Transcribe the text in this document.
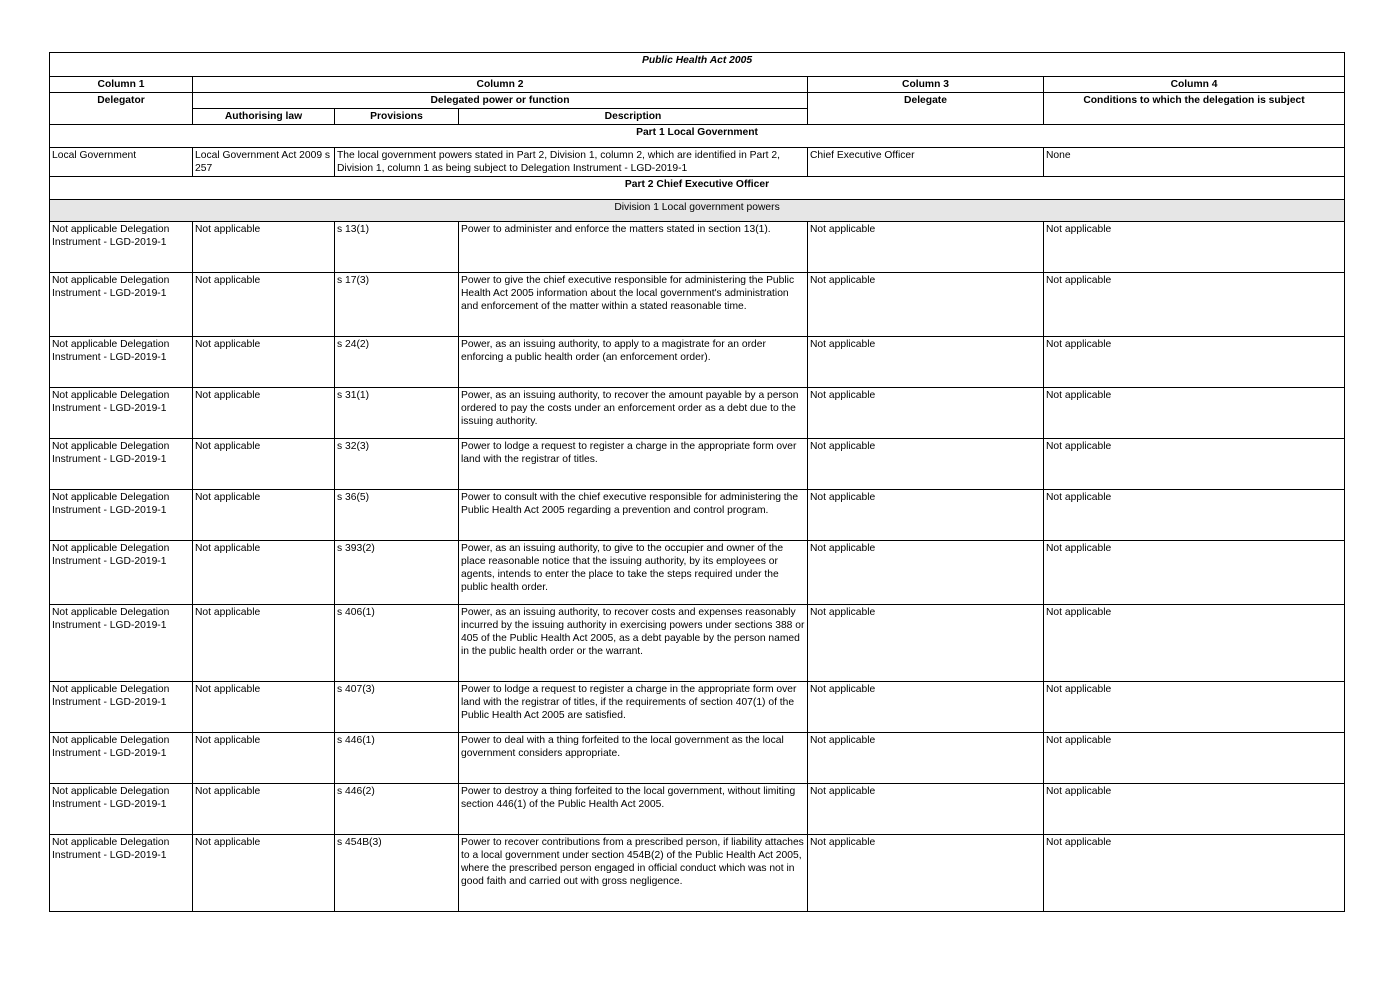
Public Health Act 2005					
Column 1	Column 2			Column 3	Column 4
Delegator	Delegated power or function			Delegate	Conditions to which the delegation is subject
	Authorising law	Provisions	Description		
Part 1 Local Government					
Local Government	Local Government Act 2009 s 257	The local government powers stated in Part 2, Division 1, column 2, which are identified in Part 2, Division 1, column 1 as being subject to Delegation Instrument - LGD-2019-1		Chief Executive Officer	None
Part 2 Chief Executive Officer					
Division 1 Local government powers					
Not applicable Delegation Instrument - LGD-2019-1	Not applicable	s 13(1)	Power to administer and enforce the matters stated in section 13(1).	Not applicable	Not applicable
Not applicable Delegation Instrument - LGD-2019-1	Not applicable	s 17(3)	Power to give the chief executive responsible for administering the Public Health Act 2005 information about the local government's administration and enforcement of the matter within a stated reasonable time.	Not applicable	Not applicable
Not applicable Delegation Instrument - LGD-2019-1	Not applicable	s 24(2)	Power, as an issuing authority, to apply to a magistrate for an order enforcing a public health order (an enforcement order).	Not applicable	Not applicable
Not applicable Delegation Instrument - LGD-2019-1	Not applicable	s 31(1)	Power, as an issuing authority, to recover the amount payable by a person ordered to pay the costs under an enforcement order as a debt due to the issuing authority.	Not applicable	Not applicable
Not applicable Delegation Instrument - LGD-2019-1	Not applicable	s 32(3)	Power to lodge a request to register a charge in the appropriate form over land with the registrar of titles.	Not applicable	Not applicable
Not applicable Delegation Instrument - LGD-2019-1	Not applicable	s 36(5)	Power to consult with the chief executive responsible for administering the Public Health Act 2005 regarding a prevention and control program.	Not applicable	Not applicable
Not applicable Delegation Instrument - LGD-2019-1	Not applicable	s 393(2)	Power, as an issuing authority, to give to the occupier and owner of the place reasonable notice that the issuing authority, by its employees or agents, intends to enter the place to take the steps required under the public health order.	Not applicable	Not applicable
Not applicable Delegation Instrument - LGD-2019-1	Not applicable	s 406(1)	Power, as an issuing authority, to recover costs and expenses reasonably incurred by the issuing authority in exercising powers under sections 388 or 405 of the Public Health Act 2005, as a debt payable by the person named in the public health order or the warrant.	Not applicable	Not applicable
Not applicable Delegation Instrument - LGD-2019-1	Not applicable	s 407(3)	Power to lodge a request to register a charge in the appropriate form over land with the registrar of titles, if the requirements of section 407(1) of the Public Health Act 2005 are satisfied.	Not applicable	Not applicable
Not applicable Delegation Instrument - LGD-2019-1	Not applicable	s 446(1)	Power to deal with a thing forfeited to the local government as the local government considers appropriate.	Not applicable	Not applicable
Not applicable Delegation Instrument - LGD-2019-1	Not applicable	s 446(2)	Power to destroy a thing forfeited to the local government, without limiting section 446(1) of the Public Health Act 2005.	Not applicable	Not applicable
Not applicable Delegation Instrument - LGD-2019-1	Not applicable	s 454B(3)	Power to recover contributions from a prescribed person, if liability attaches to a local government under section 454B(2) of the Public Health Act 2005, where the prescribed person engaged in official conduct which was not in good faith and carried out with gross negligence.	Not applicable	Not applicable
